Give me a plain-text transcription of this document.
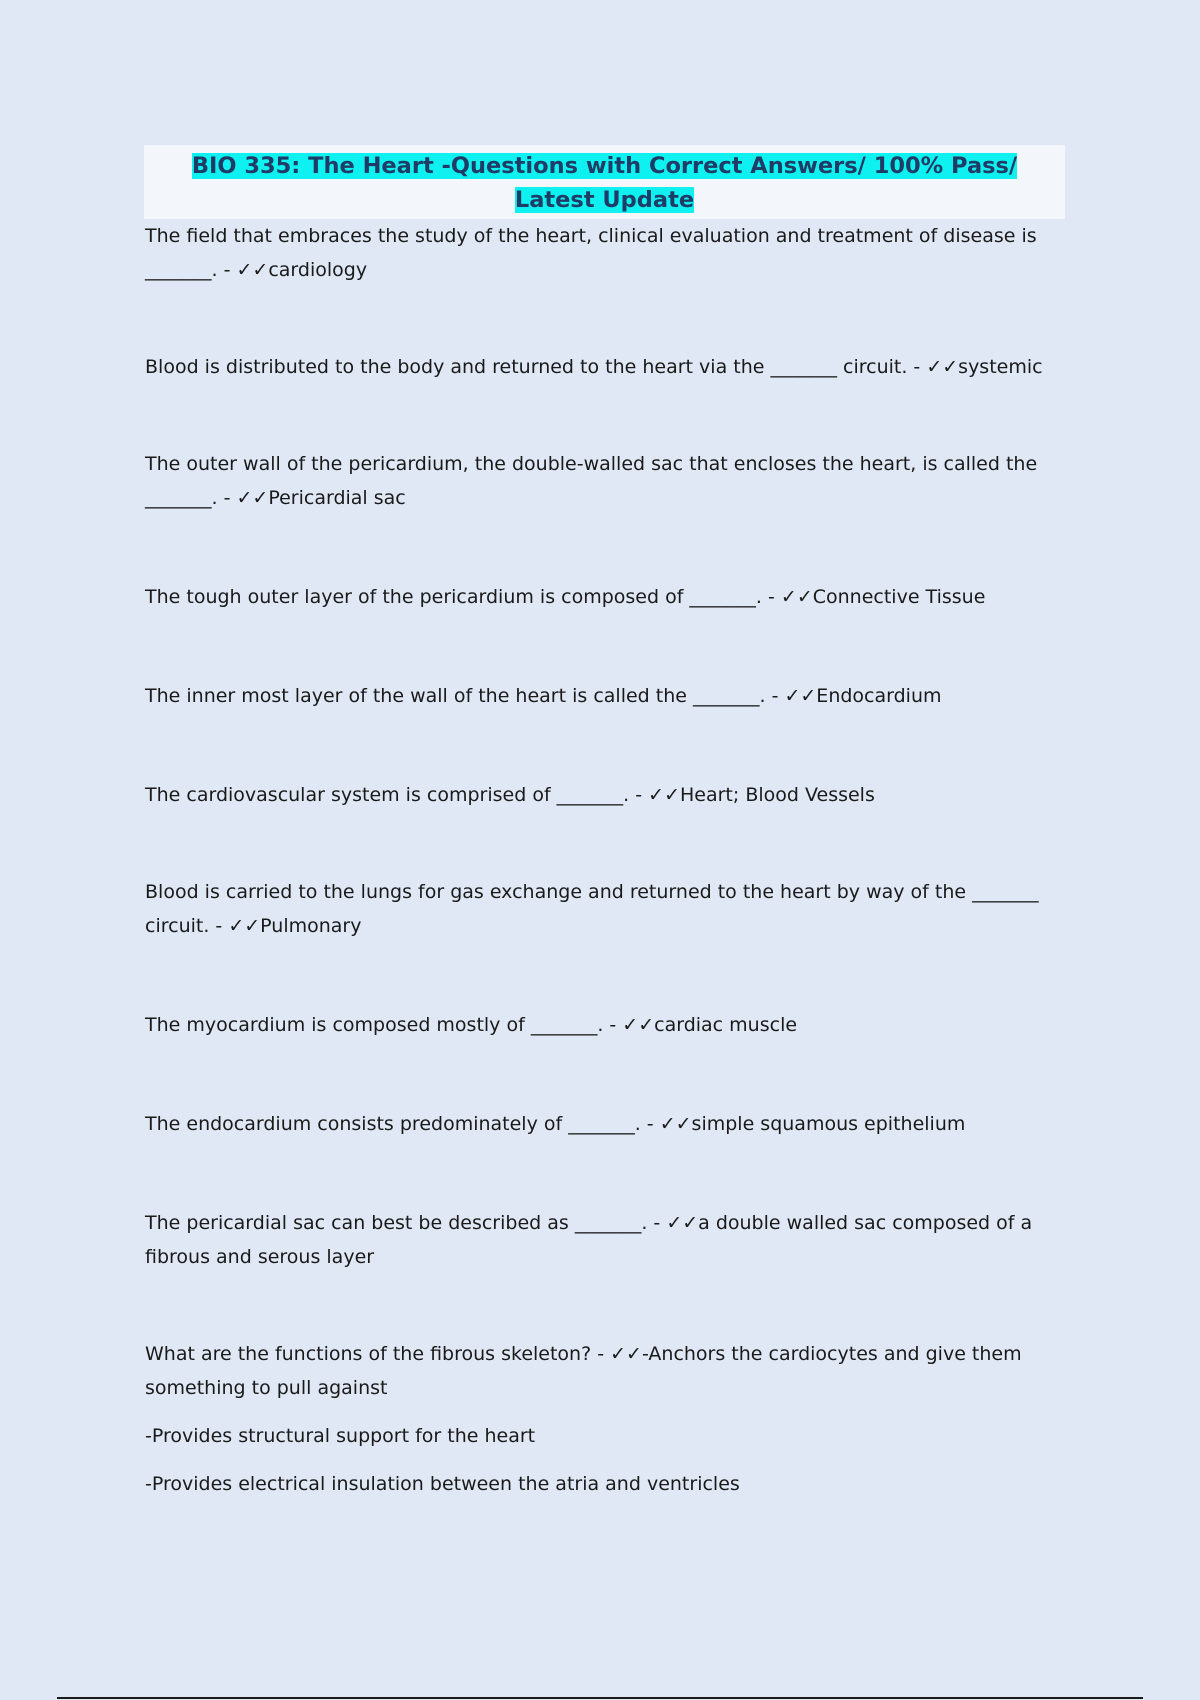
BIO 335: The Heart -Questions with Correct Answers/ 100% Pass/ Latest Update

The field that embraces the study of the heart, clinical evaluation and treatment of disease is _______. - ✓✓cardiology

Blood is distributed to the body and returned to the heart via the _______ circuit. - ✓✓systemic

The outer wall of the pericardium, the double-walled sac that encloses the heart, is called the _______. - ✓✓Pericardial sac

The tough outer layer of the pericardium is composed of _______. - ✓✓Connective Tissue

The inner most layer of the wall of the heart is called the _______. - ✓✓Endocardium

The cardiovascular system is comprised of _______. - ✓✓Heart; Blood Vessels

Blood is carried to the lungs for gas exchange and returned to the heart by way of the _______ circuit. - ✓✓Pulmonary

The myocardium is composed mostly of _______. - ✓✓cardiac muscle

The endocardium consists predominately of _______. - ✓✓simple squamous epithelium

The pericardial sac can best be described as _______. - ✓✓a double walled sac composed of a fibrous and serous layer

What are the functions of the fibrous skeleton? - ✓✓-Anchors the cardiocytes and give them something to pull against

-Provides structural support for the heart

-Provides electrical insulation between the atria and ventricles
